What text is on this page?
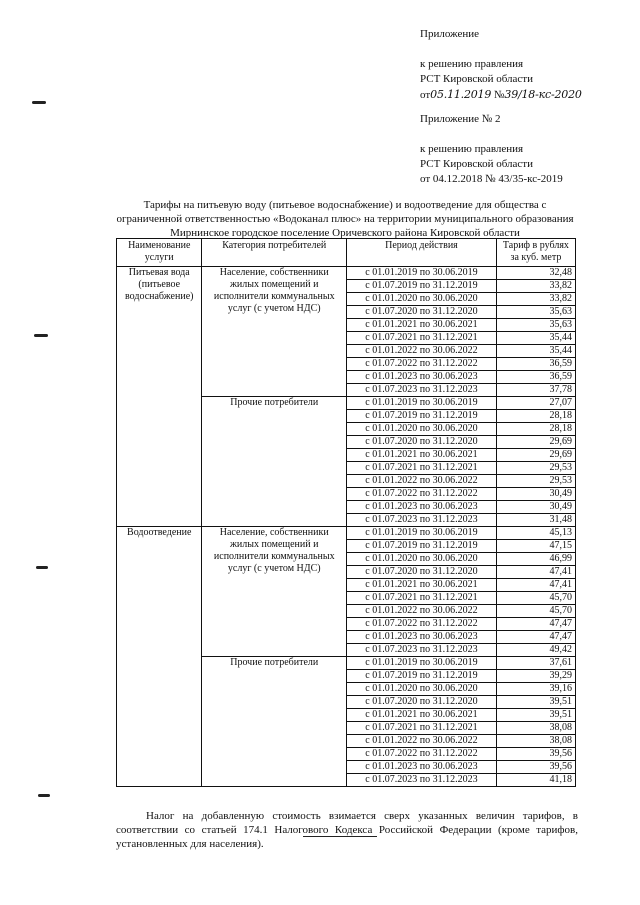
Приложение
к решению правления
РСТ Кировской области
от05.11.2019 №39/18-кс-2020
Приложение № 2
к решению правления
РСТ Кировской области
от 04.12.2018 № 43/35-кс-2019
Тарифы на питьевую воду (питьевое водоснабжение) и водоотведение для общества с ограниченной ответственностью «Водоканал плюс» на территории муниципального образования Мирнинское городское поселение Оричевского района Кировской области
Наименование услуги	Категория потребителей	Период действия	Тариф в рублях за куб. метр
Питьевая вода (питьевое водоснабжение)	Население, собственники жилых помещений и исполнители коммунальных услуг (с учетом НДС)	с 01.01.2019 по 30.06.2019	32,48
		с 01.07.2019 по 31.12.2019	33,82
		с 01.01.2020 по 30.06.2020	33,82
		с 01.07.2020 по 31.12.2020	35,63
		с 01.01.2021 по 30.06.2021	35,63
		с 01.07.2021 по 31.12.2021	35,44
		с 01.01.2022 по 30.06.2022	35,44
		с 01.07.2022 по 31.12.2022	36,59
		с 01.01.2023 по 30.06.2023	36,59
		с 01.07.2023 по 31.12.2023	37,78
	Прочие потребители	с 01.01.2019 по 30.06.2019	27,07
		с 01.07.2019 по 31.12.2019	28,18
		с 01.01.2020 по 30.06.2020	28,18
		с 01.07.2020 по 31.12.2020	29,69
		с 01.01.2021 по 30.06.2021	29,69
		с 01.07.2021 по 31.12.2021	29,53
		с 01.01.2022 по 30.06.2022	29,53
		с 01.07.2022 по 31.12.2022	30,49
		с 01.01.2023 по 30.06.2023	30,49
		с 01.07.2023 по 31.12.2023	31,48
Водоотведение	Население, собственники жилых помещений и исполнители коммунальных услуг (с учетом НДС)	с 01.01.2019 по 30.06.2019	45,13
		с 01.07.2019 по 31.12.2019	47,15
		с 01.01.2020 по 30.06.2020	46,99
		с 01.07.2020 по 31.12.2020	47,41
		с 01.01.2021 по 30.06.2021	47,41
		с 01.07.2021 по 31.12.2021	45,70
		с 01.01.2022 по 30.06.2022	45,70
		с 01.07.2022 по 31.12.2022	47,47
		с 01.01.2023 по 30.06.2023	47,47
		с 01.07.2023 по 31.12.2023	49,42
	Прочие потребители	с 01.01.2019 по 30.06.2019	37,61
		с 01.07.2019 по 31.12.2019	39,29
		с 01.01.2020 по 30.06.2020	39,16
		с 01.07.2020 по 31.12.2020	39,51
		с 01.01.2021 по 30.06.2021	39,51
		с 01.07.2021 по 31.12.2021	38,08
		с 01.01.2022 по 30.06.2022	38,08
		с 01.07.2022 по 31.12.2022	39,56
		с 01.01.2023 по 30.06.2023	39,56
		с 01.07.2023 по 31.12.2023	41,18
Налог на добавленную стоимость взимается сверх указанных величин тарифов, в соответствии со статьей 174.1 Налогового Кодекса Российской Федерации (кроме тарифов, установленных для населения).
